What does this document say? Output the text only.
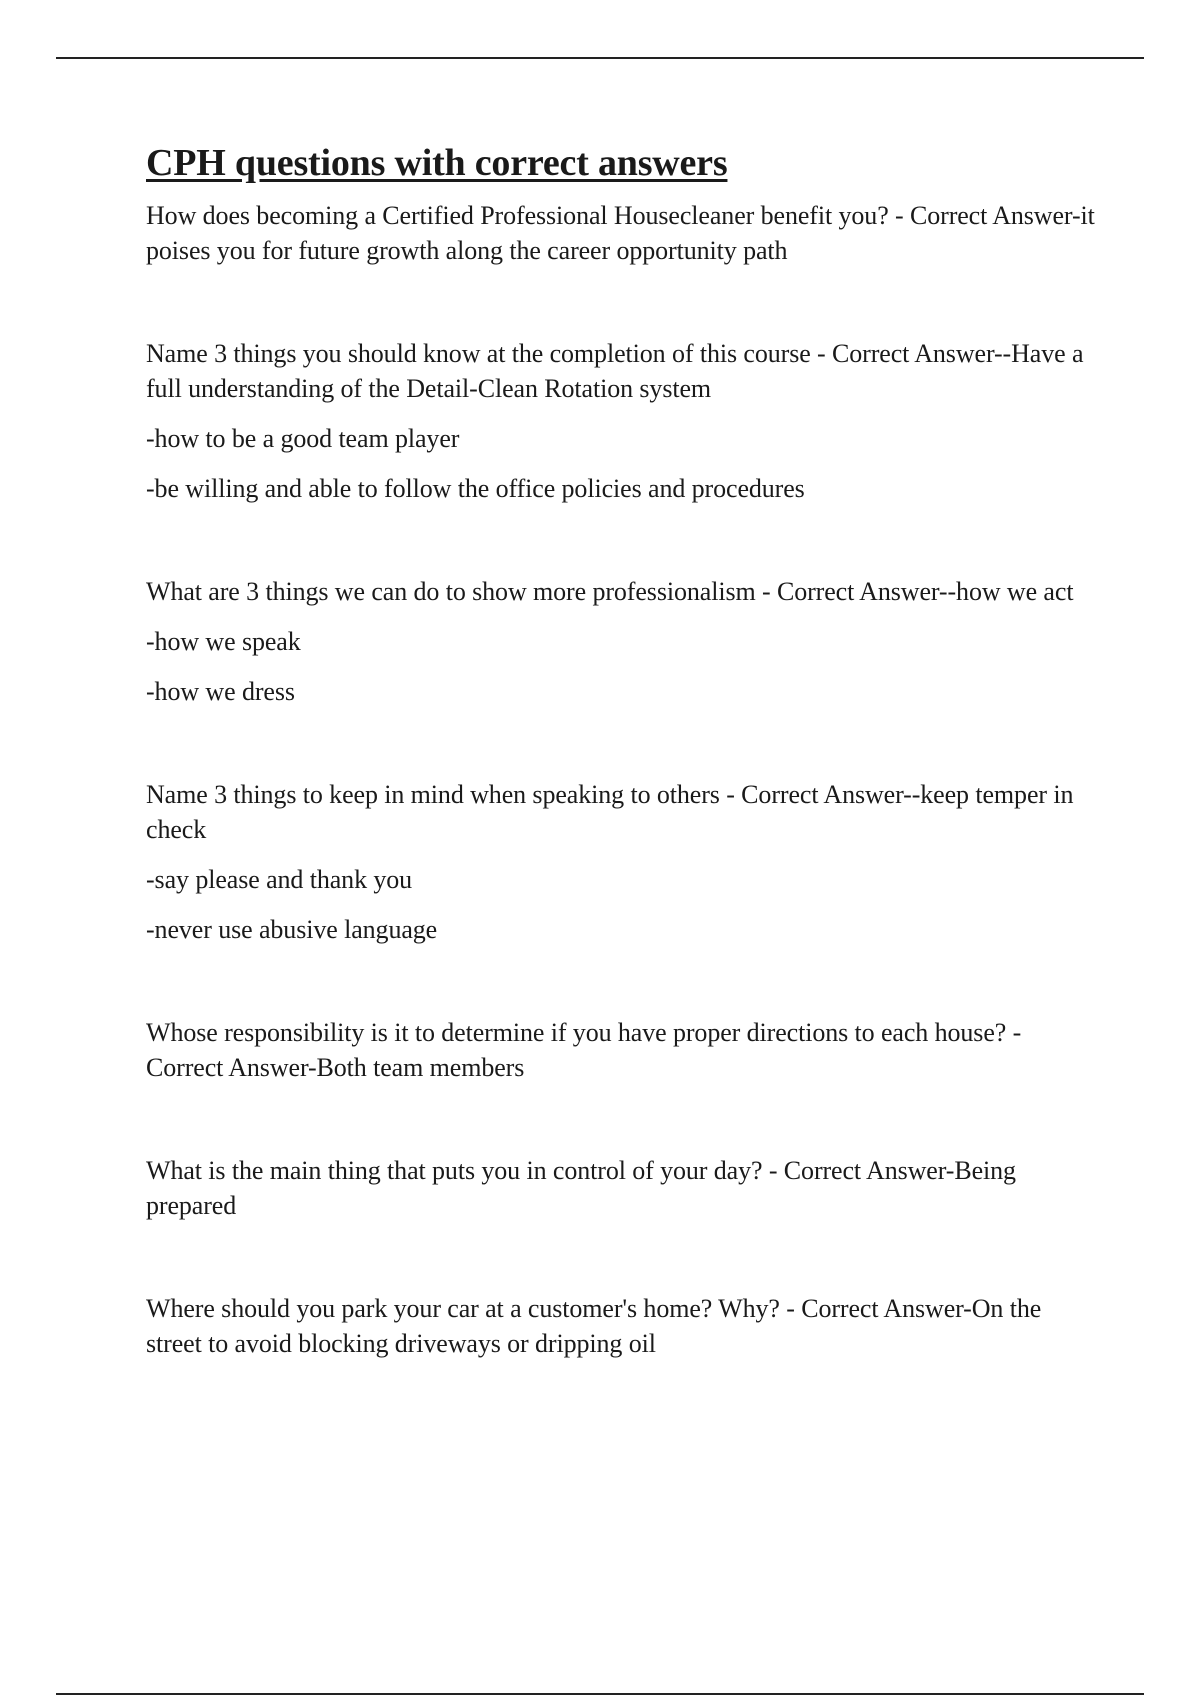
CPH questions with correct answers

How does becoming a Certified Professional Housecleaner benefit you? - Correct Answer-it poises you for future growth along the career opportunity path

Name 3 things you should know at the completion of this course - Correct Answer--Have a full understanding of the Detail-Clean Rotation system

-how to be a good team player

-be willing and able to follow the office policies and procedures

What are 3 things we can do to show more professionalism - Correct Answer--how we act

-how we speak

-how we dress

Name 3 things to keep in mind when speaking to others - Correct Answer--keep temper in check

-say please and thank you

-never use abusive language

Whose responsibility is it to determine if you have proper directions to each house? - Correct Answer-Both team members

What is the main thing that puts you in control of your day? - Correct Answer-Being prepared

Where should you park your car at a customer's home? Why? - Correct Answer-On the street to avoid blocking driveways or dripping oil
